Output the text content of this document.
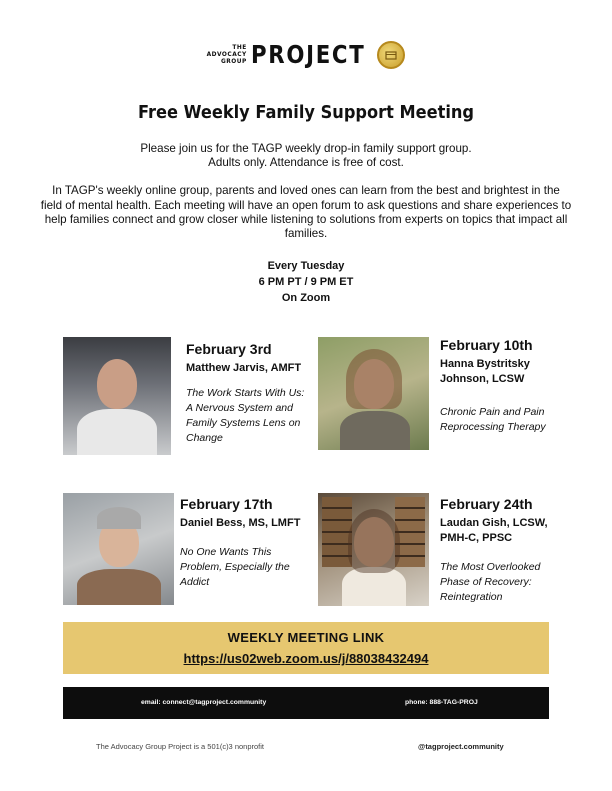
THE
ADVOCACY
GROUP PROJECT
Free Weekly Family Support Meeting

Please join us for the TAGP weekly drop-in family support group.
Adults only. Attendance is free of cost.

In TAGP's weekly online group, parents and loved ones can learn from the best and brightest in the field of mental health. Each meeting will have an open forum to ask questions and share experiences to help families connect and grow closer while listening to solutions from experts on topics that impact all families.

Every Tuesday
6 PM PT / 9 PM ET
On Zoom
February 3rd
Matthew Jarvis, AMFT
The Work Starts With Us: A Nervous System and Family Systems Lens on Change
February 10th
Hanna Bystritsky Johnson, LCSW
Chronic Pain and Pain Reprocessing Therapy
February 17th
Daniel Bess, MS, LMFT
No One Wants This Problem, Especially the Addict
February 24th
Laudan Gish, LCSW, PMH-C, PPSC
The Most Overlooked Phase of Recovery: Reintegration
WEEKLY MEETING LINK
https://us02web.zoom.us/j/88038432494
email: connect@tagproject.community	phone: 888-TAG-PROJ
The Advocacy Group Project is a 501(c)3 nonprofit	@tagproject.community
